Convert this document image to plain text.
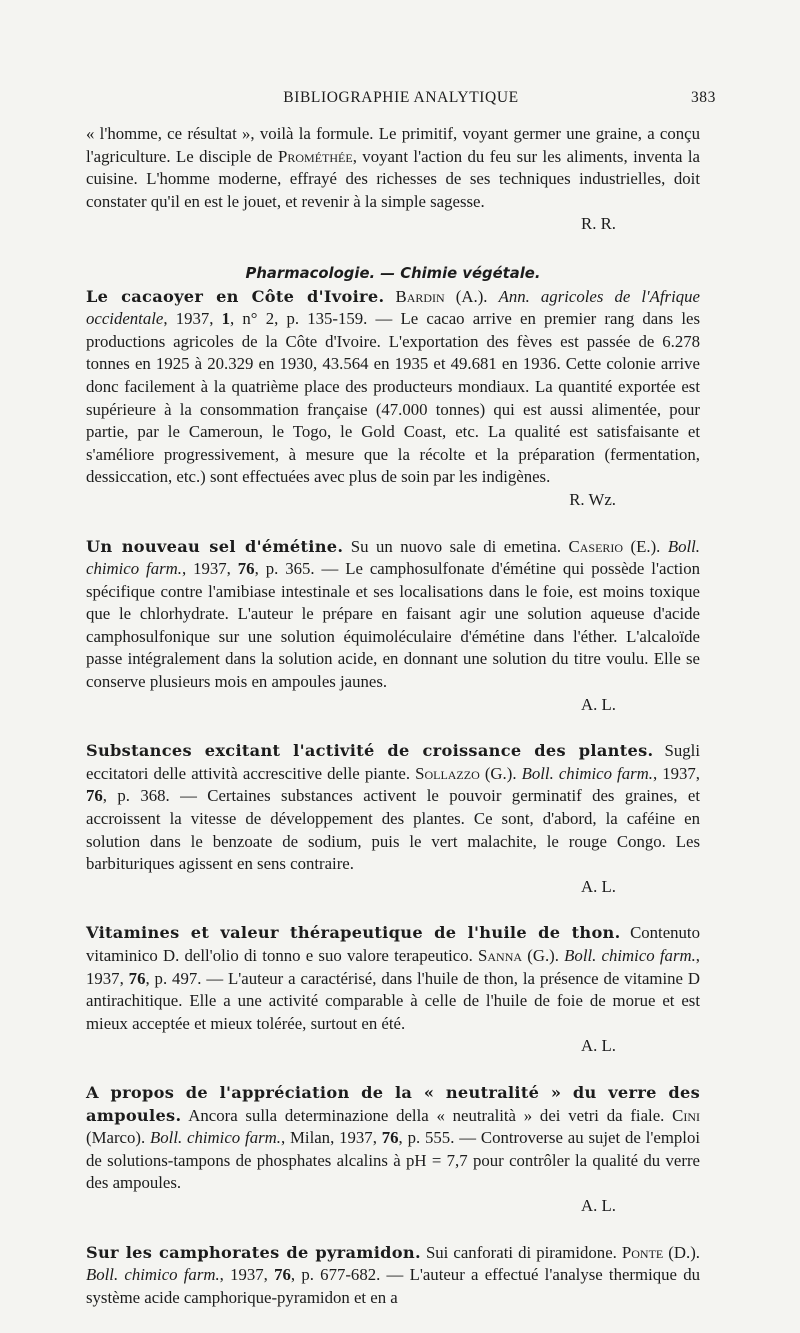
BIBLIOGRAPHIE ANALYTIQUE	383

« l'homme, ce résultat », voilà la formule. Le primitif, voyant germer une graine, a conçu l'agriculture. Le disciple de Prométhée, voyant l'action du feu sur les aliments, inventa la cuisine. L'homme moderne, effrayé des richesses de ses techniques industrielles, doit constater qu'il en est le jouet, et revenir à la simple sagesse.

R. R.

Pharmacologie. — Chimie végétale.

Le cacaoyer en Côte d'Ivoire. Bardin (A.). Ann. agricoles de l'Afrique occidentale, 1937, 1, n° 2, p. 135-159. — Le cacao arrive en premier rang dans les productions agricoles de la Côte d'Ivoire. L'exportation des fèves est passée de 6.278 tonnes en 1925 à 20.329 en 1930, 43.564 en 1935 et 49.681 en 1936. Cette colonie arrive donc facilement à la quatrième place des producteurs mondiaux. La quantité exportée est supérieure à la consommation française (47.000 tonnes) qui est aussi alimentée, pour partie, par le Cameroun, le Togo, le Gold Coast, etc. La qualité est satisfaisante et s'améliore progressivement, à mesure que la récolte et la préparation (fermentation, dessiccation, etc.) sont effectuées avec plus de soin par les indigènes.

R. Wz.

Un nouveau sel d'émétine. Su un nuovo sale di emetina. Caserio (E.). Boll. chimico farm., 1937, 76, p. 365. — Le camphosulfonate d'émétine qui possède l'action spécifique contre l'amibiase intestinale et ses localisations dans le foie, est moins toxique que le chlorhydrate. L'auteur le prépare en faisant agir une solution aqueuse d'acide camphosulfonique sur une solution équimoléculaire d'émétine dans l'éther. L'alcaloïde passe intégralement dans la solution acide, en donnant une solution du titre voulu. Elle se conserve plusieurs mois en ampoules jaunes.

A. L.

Substances excitant l'activité de croissance des plantes. Sugli eccitatori delle attività accrescitive delle piante. Sollazzo (G.). Boll. chimico farm., 1937, 76, p. 368. — Certaines substances activent le pouvoir germinatif des graines, et accroissent la vitesse de développement des plantes. Ce sont, d'abord, la caféine en solution dans le benzoate de sodium, puis le vert malachite, le rouge Congo. Les barbituriques agissent en sens contraire.

A. L.

Vitamines et valeur thérapeutique de l'huile de thon. Contenuto vitaminico D. dell'olio di tonno e suo valore terapeutico. Sanna (G.). Boll. chimico farm., 1937, 76, p. 497. — L'auteur a caractérisé, dans l'huile de thon, la présence de vitamine D antirachitique. Elle a une activité comparable à celle de l'huile de foie de morue et est mieux acceptée et mieux tolérée, surtout en été.

A. L.

A propos de l'appréciation de la « neutralité » du verre des ampoules. Ancora sulla determinazione della « neutralità » dei vetri da fiale. Cini (Marco). Boll. chimico farm., Milan, 1937, 76, p. 555. — Controverse au sujet de l'emploi de solutions-tampons de phosphates alcalins à pH = 7,7 pour contrôler la qualité du verre des ampoules.

A. L.

Sur les camphorates de pyramidon. Sui canforati di piramidone. Ponte (D.). Boll. chimico farm., 1937, 76, p. 677-682. — L'auteur a effectué l'analyse thermique du système acide camphorique-pyramidon et en a
